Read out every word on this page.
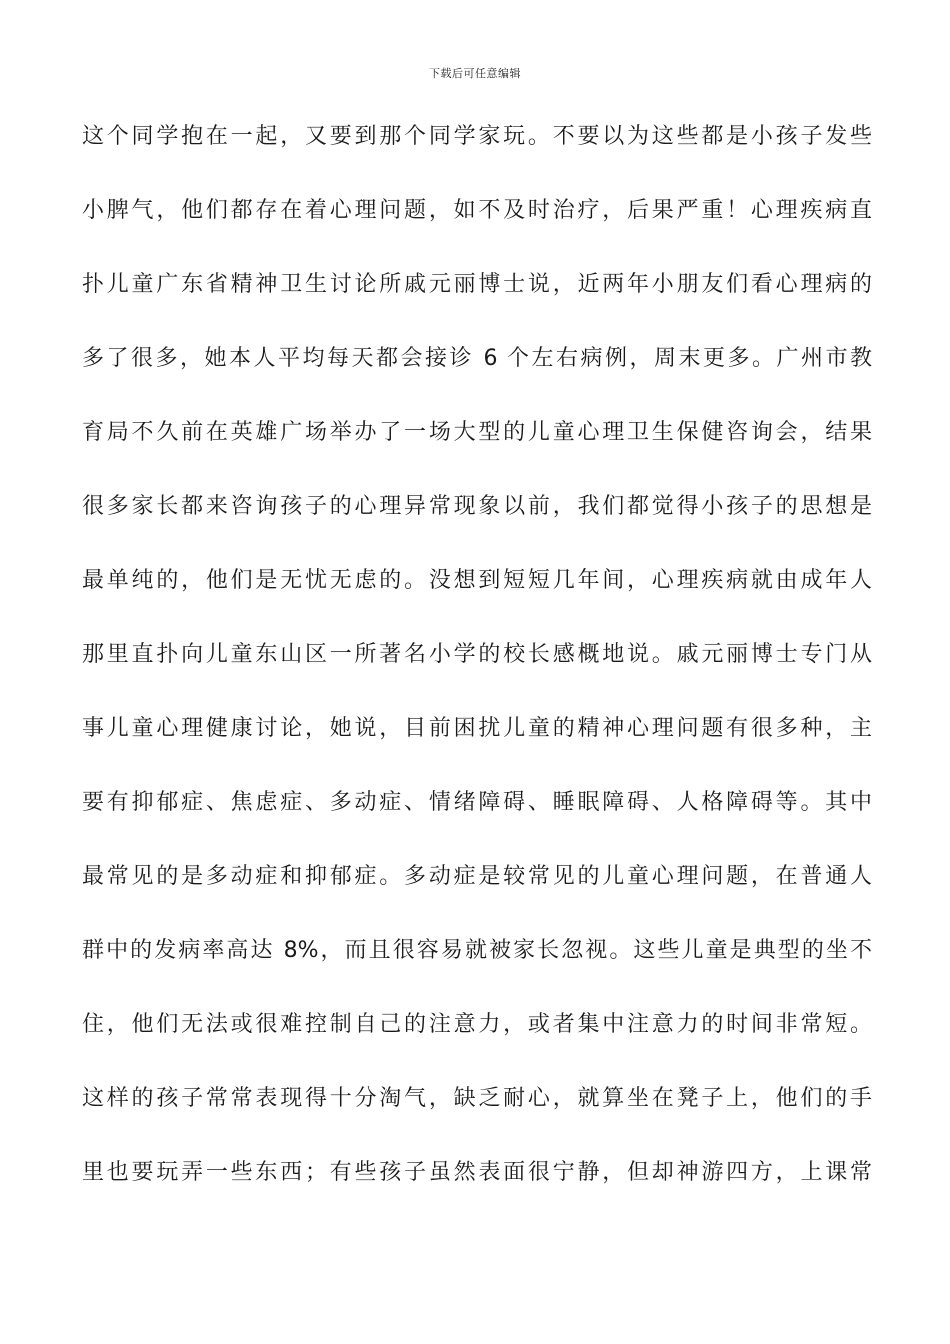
下载后可任意编辑
这个同学抱在一起，又要到那个同学家玩。不要以为这些都是小孩子发些
小脾气，他们都存在着心理问题，如不及时治疗，后果严重！心理疾病直
扑儿童广东省精神卫生讨论所戚元丽博士说，近两年小朋友们看心理病的
多了很多，她本人平均每天都会接诊 6 个左右病例，周末更多。广州市教
育局不久前在英雄广场举办了一场大型的儿童心理卫生保健咨询会，结果
很多家长都来咨询孩子的心理异常现象以前，我们都觉得小孩子的思想是
最单纯的，他们是无忧无虑的。没想到短短几年间，心理疾病就由成年人
那里直扑向儿童东山区一所著名小学的校长感概地说。戚元丽博士专门从
事儿童心理健康讨论，她说，目前困扰儿童的精神心理问题有很多种，主
要有抑郁症、焦虑症、多动症、情绪障碍、睡眠障碍、人格障碍等。其中
最常见的是多动症和抑郁症。多动症是较常见的儿童心理问题，在普通人
群中的发病率高达 8%，而且很容易就被家长忽视。这些儿童是典型的坐不
住，他们无法或很难控制自己的注意力，或者集中注意力的时间非常短。
这样的孩子常常表现得十分淘气，缺乏耐心，就算坐在凳子上，他们的手
里也要玩弄一些东西；有些孩子虽然表面很宁静，但却神游四方，上课常
